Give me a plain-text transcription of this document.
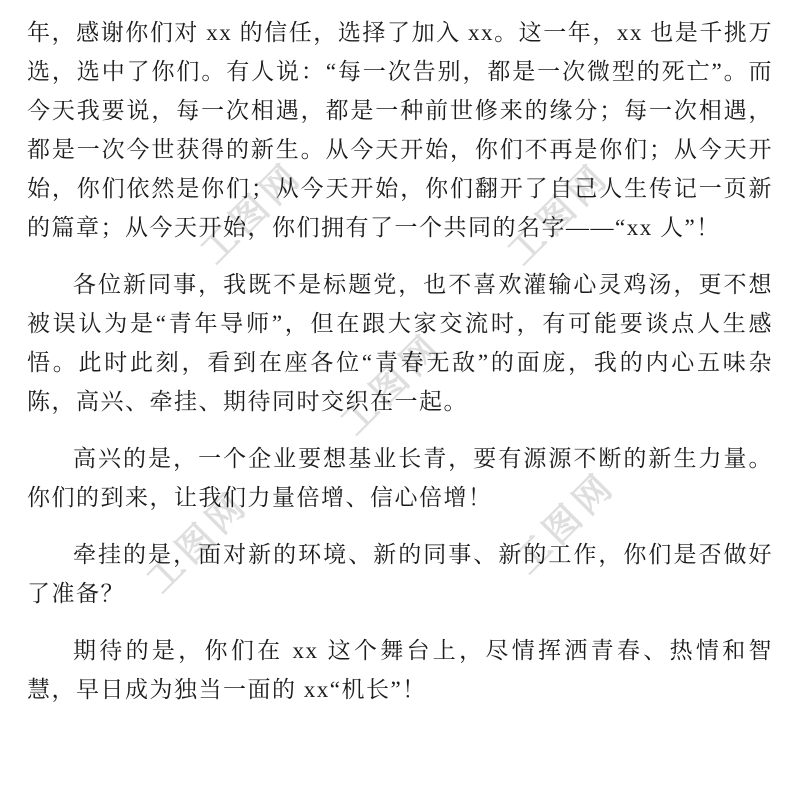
工图网	工图网
工图网
工图网	工图网

年，感谢你们对 xx 的信任，选择了加入 xx。这一年，xx 也是千挑万选，选中了你们。有人说：“每一次告别，都是一次微型的死亡”。而今天我要说，每一次相遇，都是一种前世修来的缘分；每一次相遇，都是一次今世获得的新生。从今天开始，你们不再是你们；从今天开始，你们依然是你们；从今天开始，你们翻开了自己人生传记一页新的篇章；从今天开始，你们拥有了一个共同的名字——“xx 人”！

各位新同事，我既不是标题党，也不喜欢灌输心灵鸡汤，更不想被误认为是“青年导师”，但在跟大家交流时，有可能要谈点人生感悟。此时此刻，看到在座各位“青春无敌”的面庞，我的内心五味杂陈，高兴、牵挂、期待同时交织在一起。

高兴的是，一个企业要想基业长青，要有源源不断的新生力量。你们的到来，让我们力量倍增、信心倍增！

牵挂的是，面对新的环境、新的同事、新的工作，你们是否做好了准备？

期待的是，你们在 xx 这个舞台上，尽情挥洒青春、热情和智慧，早日成为独当一面的 xx“机长”！
